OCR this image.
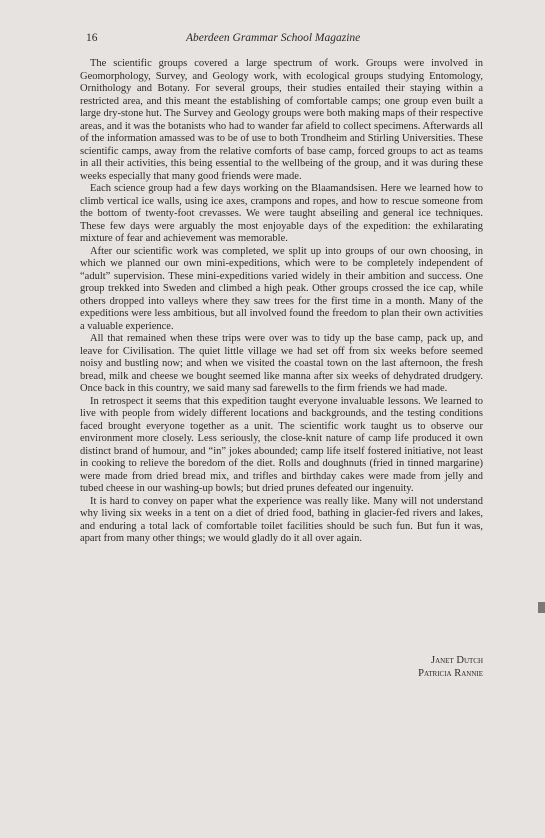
16	Aberdeen Grammar School Magazine

The scientific groups covered a large spectrum of work. Groups were involved in Geomorphology, Survey, and Geology work, with ecological groups studying Entomology, Ornithology and Botany. For several groups, their studies entailed their staying within a restricted area, and this meant the establishing of comfortable camps; one group even built a large dry-stone hut. The Survey and Geology groups were both making maps of their respective areas, and it was the botanists who had to wander far afield to collect specimens. Afterwards all of the information amassed was to be of use to both Trondheim and Stirling Universities. These scientific camps, away from the relative comforts of base camp, forced groups to act as teams in all their activities, this being essential to the wellbeing of the group, and it was during these weeks especially that many good friends were made.

Each science group had a few days working on the Blaamandsisen. Here we learned how to climb vertical ice walls, using ice axes, crampons and ropes, and how to rescue someone from the bottom of twenty-foot crevasses. We were taught abseiling and general ice techniques. These few days were arguably the most enjoyable days of the expedition: the exhilarating mixture of fear and achievement was memorable.

After our scientific work was completed, we split up into groups of our own choosing, in which we planned our own mini-expeditions, which were to be completely independent of “adult” supervision. These mini-expeditions varied widely in their ambition and success. One group trekked into Sweden and climbed a high peak. Other groups crossed the ice cap, while others dropped into valleys where they saw trees for the first time in a month. Many of the expeditions were less ambitious, but all involved found the freedom to plan their own activities a valuable experience.

All that remained when these trips were over was to tidy up the base camp, pack up, and leave for Civilisation. The quiet little village we had set off from six weeks before seemed noisy and bustling now; and when we visited the coastal town on the last afternoon, the fresh bread, milk and cheese we bought seemed like manna after six weeks of dehydrated drudgery. Once back in this country, we said many sad farewells to the firm friends we had made.

In retrospect it seems that this expedition taught everyone invaluable lessons. We learned to live with people from widely different locations and backgrounds, and the testing conditions faced brought everyone together as a unit. The scientific work taught us to observe our environment more closely. Less seriously, the close-knit nature of camp life produced it own distinct brand of humour, and “in” jokes abounded; camp life itself fostered initiative, not least in cooking to relieve the boredom of the diet. Rolls and doughnuts (fried in tinned margarine) were made from dried bread mix, and trifles and birthday cakes were made from jelly and tubed cheese in our washing-up bowls; but dried prunes defeated our ingenuity.

It is hard to convey on paper what the experience was really like. Many will not understand why living six weeks in a tent on a diet of dried food, bathing in glacier-fed rivers and lakes, and enduring a total lack of comfortable toilet facilities should be such fun. But fun it was, apart from many other things; we would gladly do it all over again.

Janet Dutch
Patricia Rannie
